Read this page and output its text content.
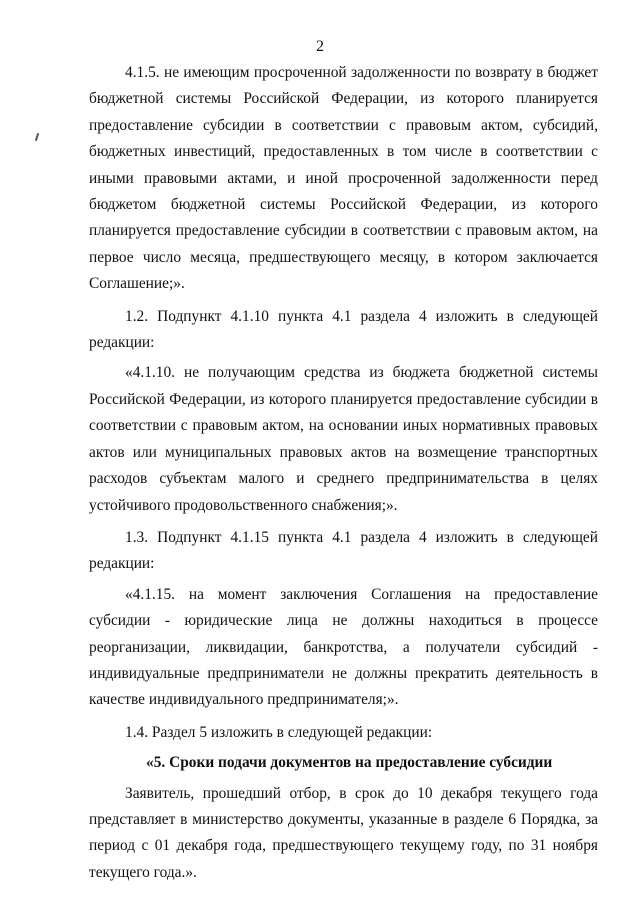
2

4.1.5. не имеющим просроченной задолженности по возврату в бюджет бюджетной системы Российской Федерации, из которого планируется предоставление субсидии в соответствии с правовым актом, субсидий, бюджетных инвестиций, предоставленных в том числе в соответствии с иными правовыми актами, и иной просроченной задолженности перед бюджетом бюджетной системы Российской Федерации, из которого планируется предоставление субсидии в соответствии с правовым актом, на первое число месяца, предшествующего месяцу, в котором заключается Соглашение;».

1.2. Подпункт 4.1.10 пункта 4.1 раздела 4 изложить в следующей редакции:

«4.1.10. не получающим средства из бюджета бюджетной системы Российской Федерации, из которого планируется предоставление субсидии в соответствии с правовым актом, на основании иных нормативных правовых актов или муниципальных правовых актов на возмещение транспортных расходов субъектам малого и среднего предпринимательства в целях устойчивого продовольственного снабжения;».

1.3. Подпункт 4.1.15 пункта 4.1 раздела 4 изложить в следующей редакции:

«4.1.15. на момент заключения Соглашения на предоставление субсидии - юридические лица не должны находиться в процессе реорганизации, ликвидации, банкротства, а получатели субсидий - индивидуальные предприниматели не должны прекратить деятельность в качестве индивидуального предпринимателя;».

1.4. Раздел 5 изложить в следующей редакции:

«5. Сроки подачи документов на предоставление субсидии

Заявитель, прошедший отбор, в срок до 10 декабря текущего года представляет в министерство документы, указанные в разделе 6 Порядка, за период с 01 декабря года, предшествующего текущему году, по 31 ноября текущего года.».
